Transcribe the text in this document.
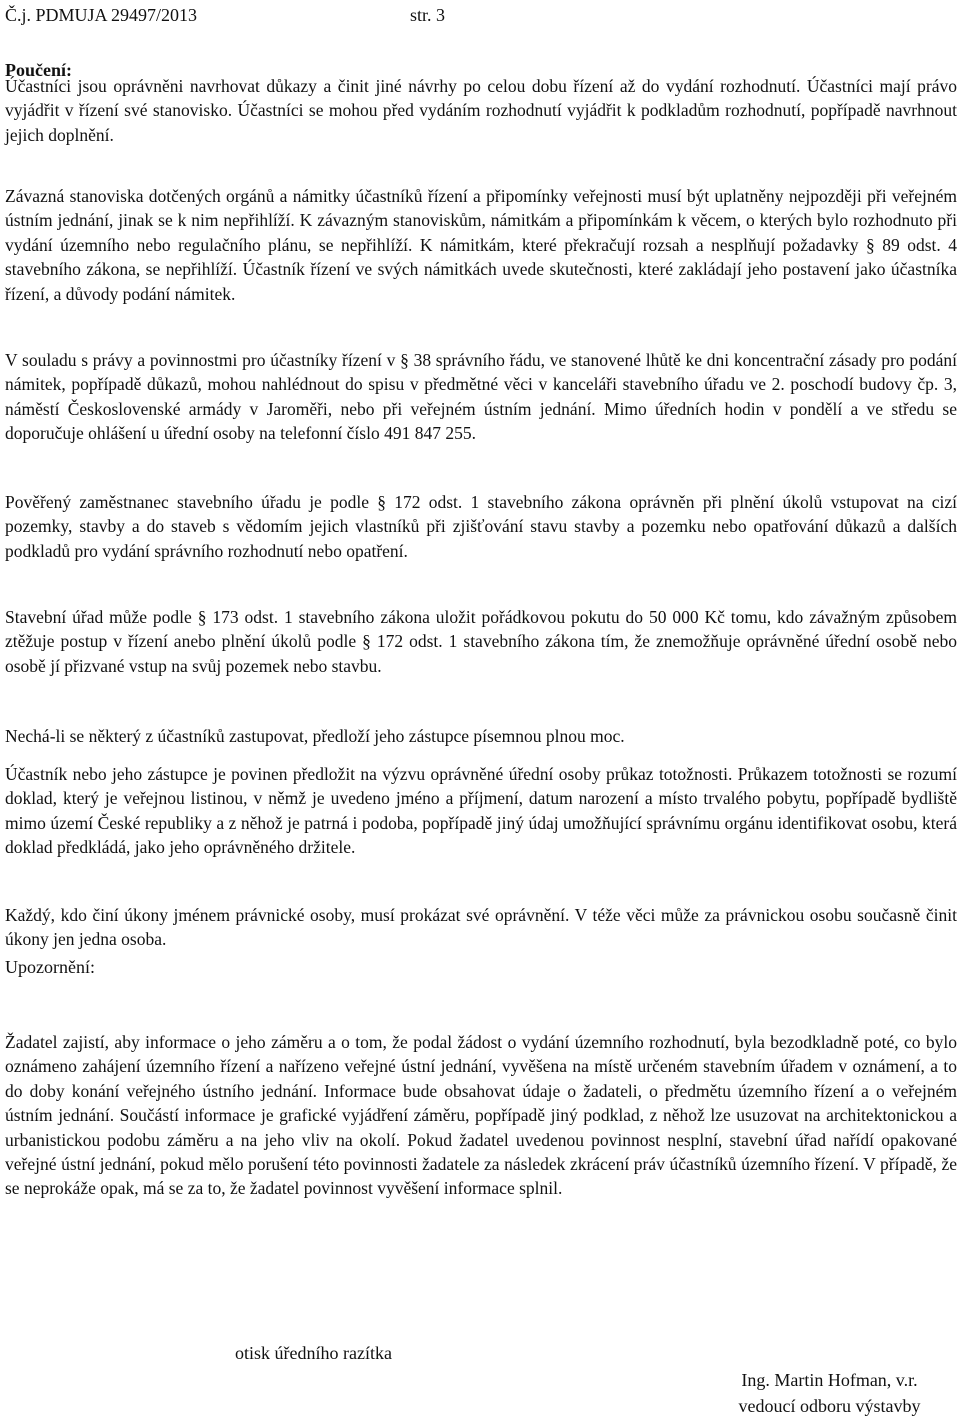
Č.j. PDMUJA 29497/2013	str. 3
Poučení:
Účastníci jsou oprávněni navrhovat důkazy a činit jiné návrhy po celou dobu řízení až do vydání rozhodnutí. Účastníci mají právo vyjádřit v řízení své stanovisko. Účastníci se mohou před vydáním rozhodnutí vyjádřit k podkladům rozhodnutí, popřípadě navrhnout jejich doplnění.
Závazná stanoviska dotčených orgánů a námitky účastníků řízení a připomínky veřejnosti musí být uplatněny nejpozději při veřejném ústním jednání, jinak se k nim nepřihlíží. K závazným stanoviskům, námitkám a připomínkám k věcem, o kterých bylo rozhodnuto při vydání územního nebo regulačního plánu, se nepřihlíží. K námitkám, které překračují rozsah a nesplňují požadavky § 89 odst. 4 stavebního zákona, se nepřihlíží. Účastník řízení ve svých námitkách uvede skutečnosti, které zakládají jeho postavení jako účastníka řízení, a důvody podání námitek.
V souladu s právy a povinnostmi pro účastníky řízení v § 38 správního řádu, ve stanovené lhůtě ke dni koncentrační zásady pro podání námitek, popřípadě důkazů, mohou nahlédnout do spisu v předmětné věci v kanceláři stavebního úřadu ve 2. poschodí budovy čp. 3, náměstí Československé armády v Jaroměři, nebo při veřejném ústním jednání. Mimo úředních hodin v pondělí a ve středu se doporučuje ohlášení u úřední osoby na telefonní číslo 491 847 255.
Pověřený zaměstnanec stavebního úřadu je podle § 172 odst. 1 stavebního zákona oprávněn při plnění úkolů vstupovat na cizí pozemky, stavby a do staveb s vědomím jejich vlastníků při zjišťování stavu stavby a pozemku nebo opatřování důkazů a dalších podkladů pro vydání správního rozhodnutí nebo opatření.
Stavební úřad může podle § 173 odst. 1 stavebního zákona uložit pořádkovou pokutu do 50 000 Kč tomu, kdo závažným způsobem ztěžuje postup v řízení anebo plnění úkolů podle § 172 odst. 1 stavebního zákona tím, že znemožňuje oprávněné úřední osobě nebo osobě jí přizvané vstup na svůj pozemek nebo stavbu.
Nechá-li se některý z účastníků zastupovat, předloží jeho zástupce písemnou plnou moc.
Účastník nebo jeho zástupce je povinen předložit na výzvu oprávněné úřední osoby průkaz totožnosti. Průkazem totožnosti se rozumí doklad, který je veřejnou listinou, v němž je uvedeno jméno a příjmení, datum narození a místo trvalého pobytu, popřípadě bydliště mimo území České republiky a z něhož je patrná i podoba, popřípadě jiný údaj umožňující správnímu orgánu identifikovat osobu, která doklad předkládá, jako jeho oprávněného držitele.
Každý, kdo činí úkony jménem právnické osoby, musí prokázat své oprávnění. V téže věci může za právnickou osobu současně činit úkony jen jedna osoba.
Upozornění:
Žadatel zajistí, aby informace o jeho záměru a o tom, že podal žádost o vydání územního rozhodnutí, byla bezodkladně poté, co bylo oznámeno zahájení územního řízení a nařízeno veřejné ústní jednání, vyvěšena na místě určeném stavebním úřadem v oznámení, a to do doby konání veřejného ústního jednání. Informace bude obsahovat údaje o žadateli, o předmětu územního řízení a o veřejném ústním jednání. Součástí informace je grafické vyjádření záměru, popřípadě jiný podklad, z něhož lze usuzovat na architektonickou a urbanistickou podobu záměru a na jeho vliv na okolí. Pokud žadatel uvedenou povinnost nesplní, stavební úřad nařídí opakované veřejné ústní jednání, pokud mělo porušení této povinnosti žadatele za následek zkrácení práv účastníků územního řízení. V případě, že se neprokáže opak, má se za to, že žadatel povinnost vyvěšení informace splnil.
otisk úředního razítka
Ing. Martin Hofman, v.r.
vedoucí odboru výstavby
